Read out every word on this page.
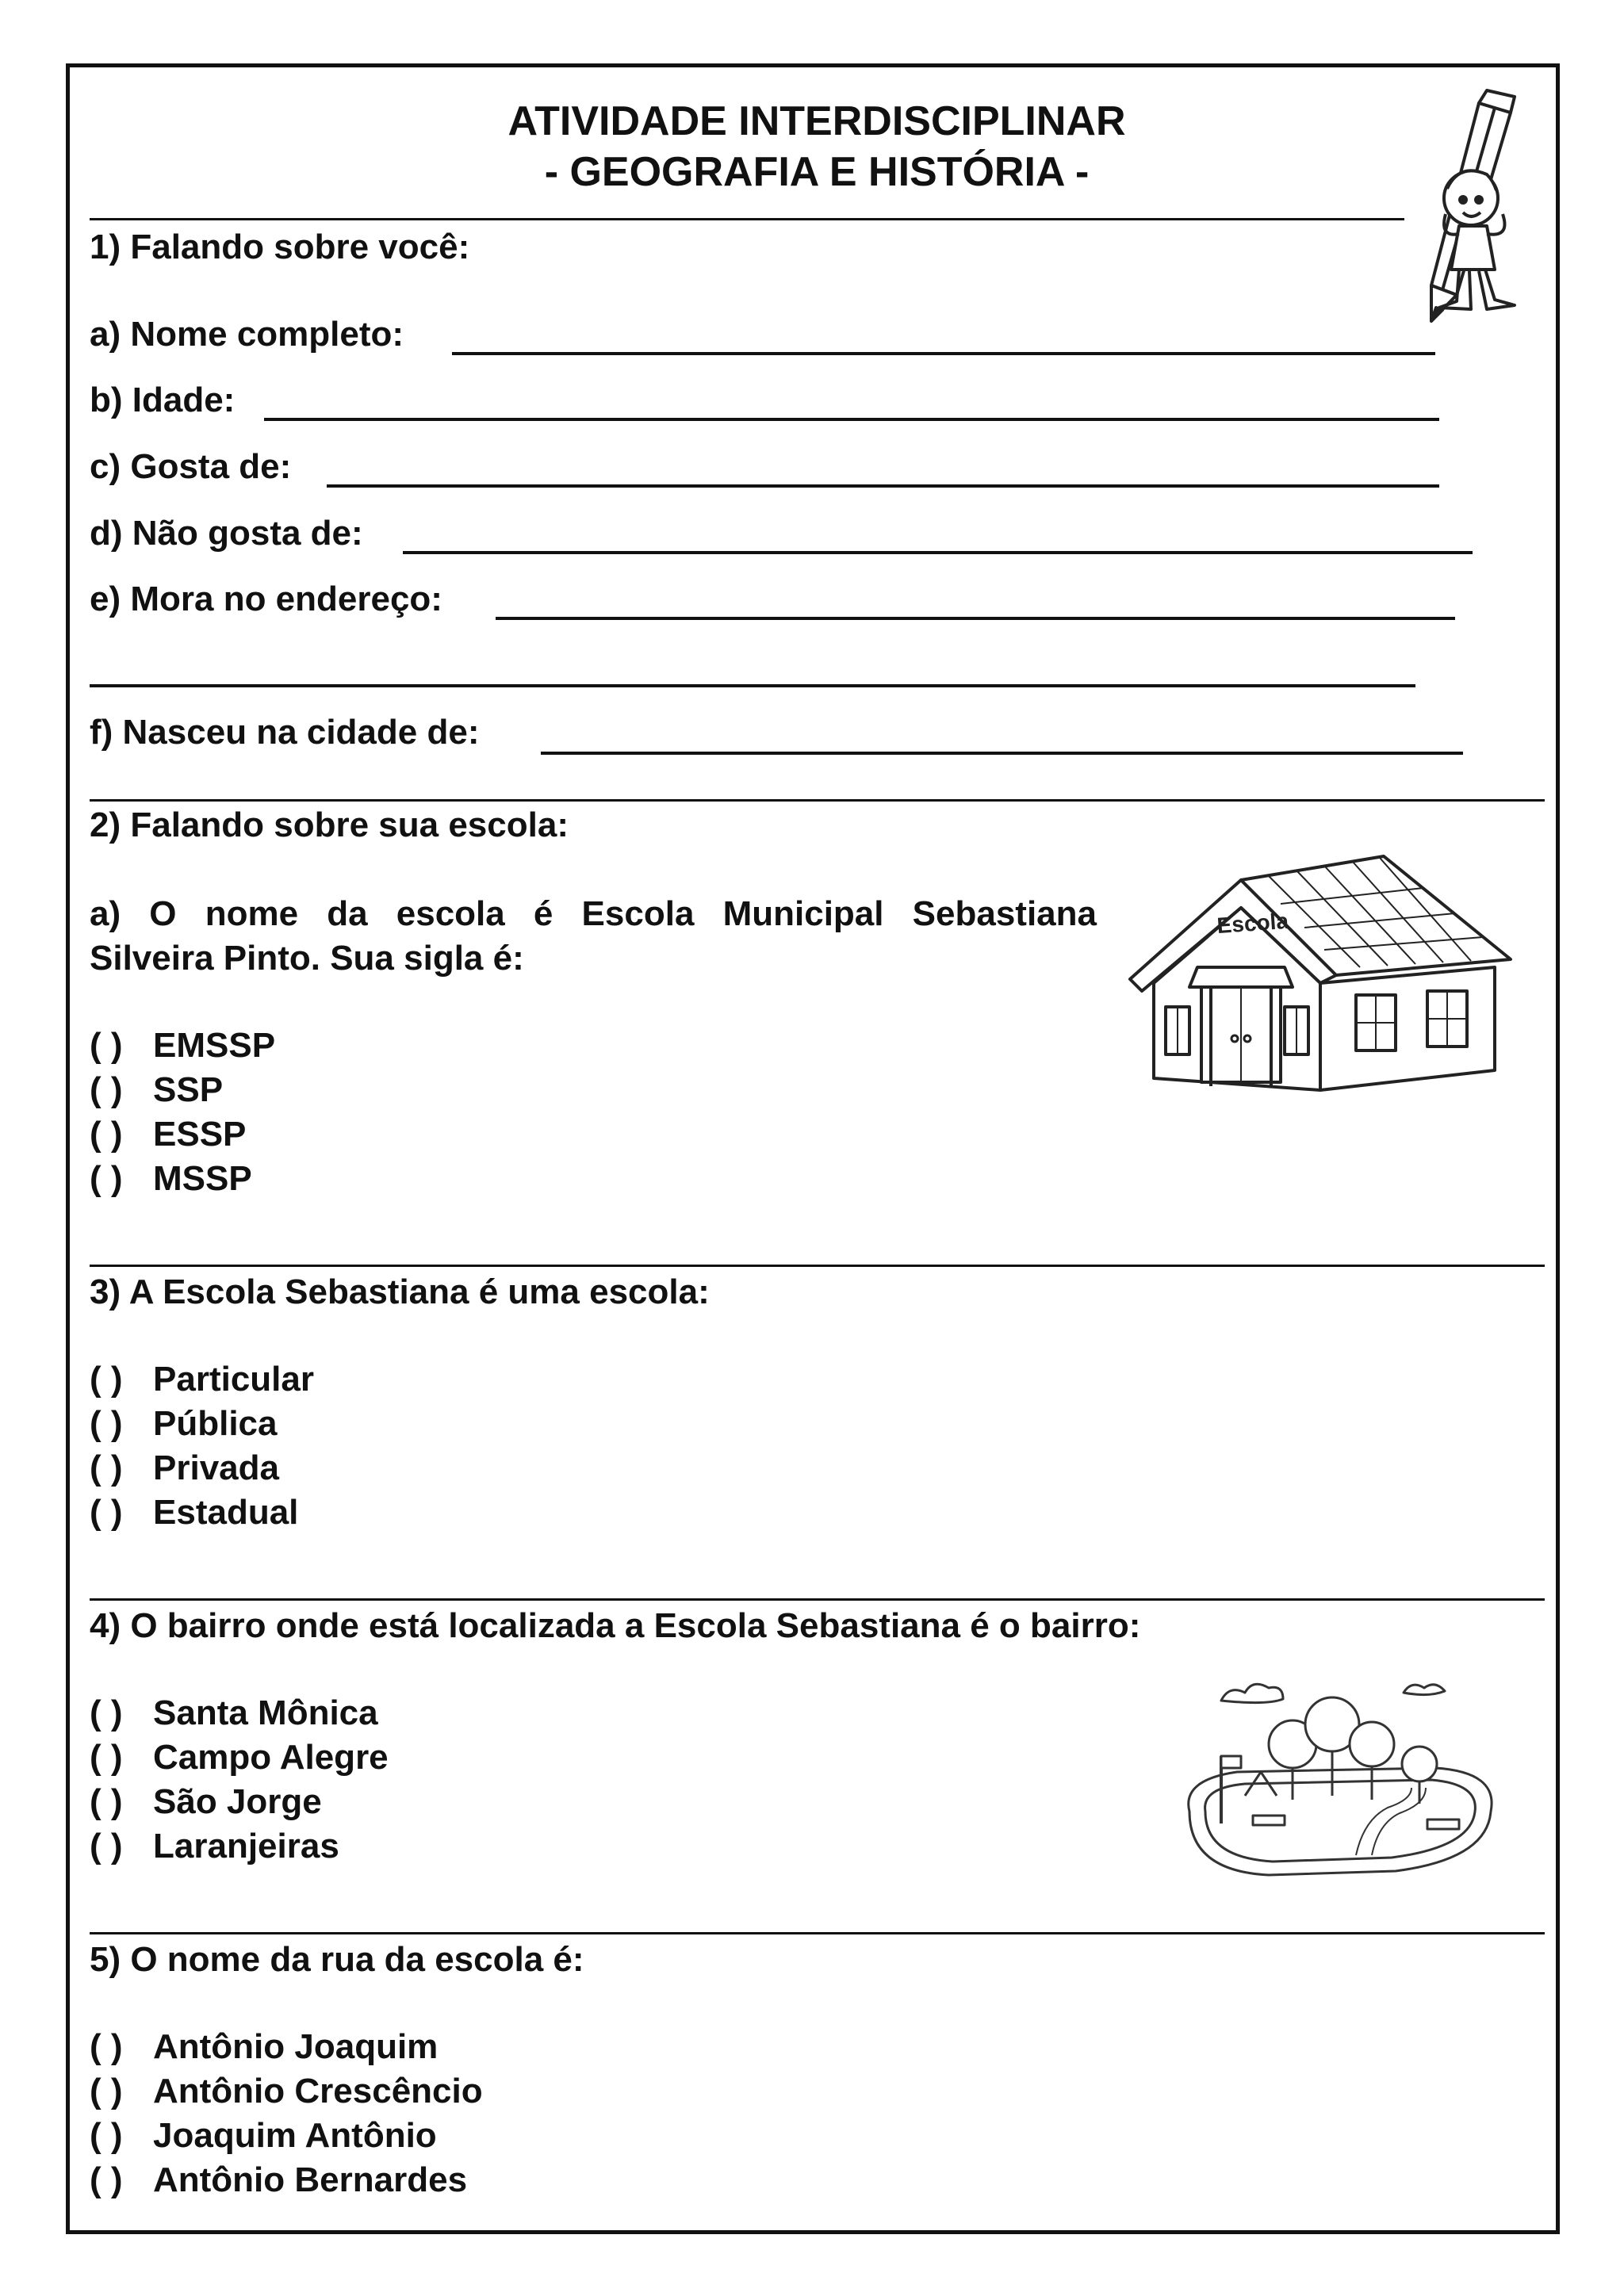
ATIVIDADE INTERDISCIPLINAR
- GEOGRAFIA E HISTÓRIA -
1) Falando sobre você:
a) Nome completo:
b) Idade:
c) Gosta de:
d) Não gosta de:
e) Mora no endereço:
f) Nasceu na cidade de:
2) Falando sobre sua escola:
a) O nome da escola é Escola Municipal Sebastiana
Silveira Pinto. Sua sigla é:
( ) EMSSP
( ) SSP
( ) ESSP
( ) MSSP
Escola
3) A Escola Sebastiana é uma escola:
( ) Particular
( ) Pública
( ) Privada
( ) Estadual
4) O bairro onde está localizada a Escola Sebastiana é o bairro:
( ) Santa Mônica
( ) Campo Alegre
( ) São Jorge
( ) Laranjeiras
5) O nome da rua da escola é:
( ) Antônio Joaquim
( ) Antônio Crescêncio
( ) Joaquim Antônio
( ) Antônio Bernardes
